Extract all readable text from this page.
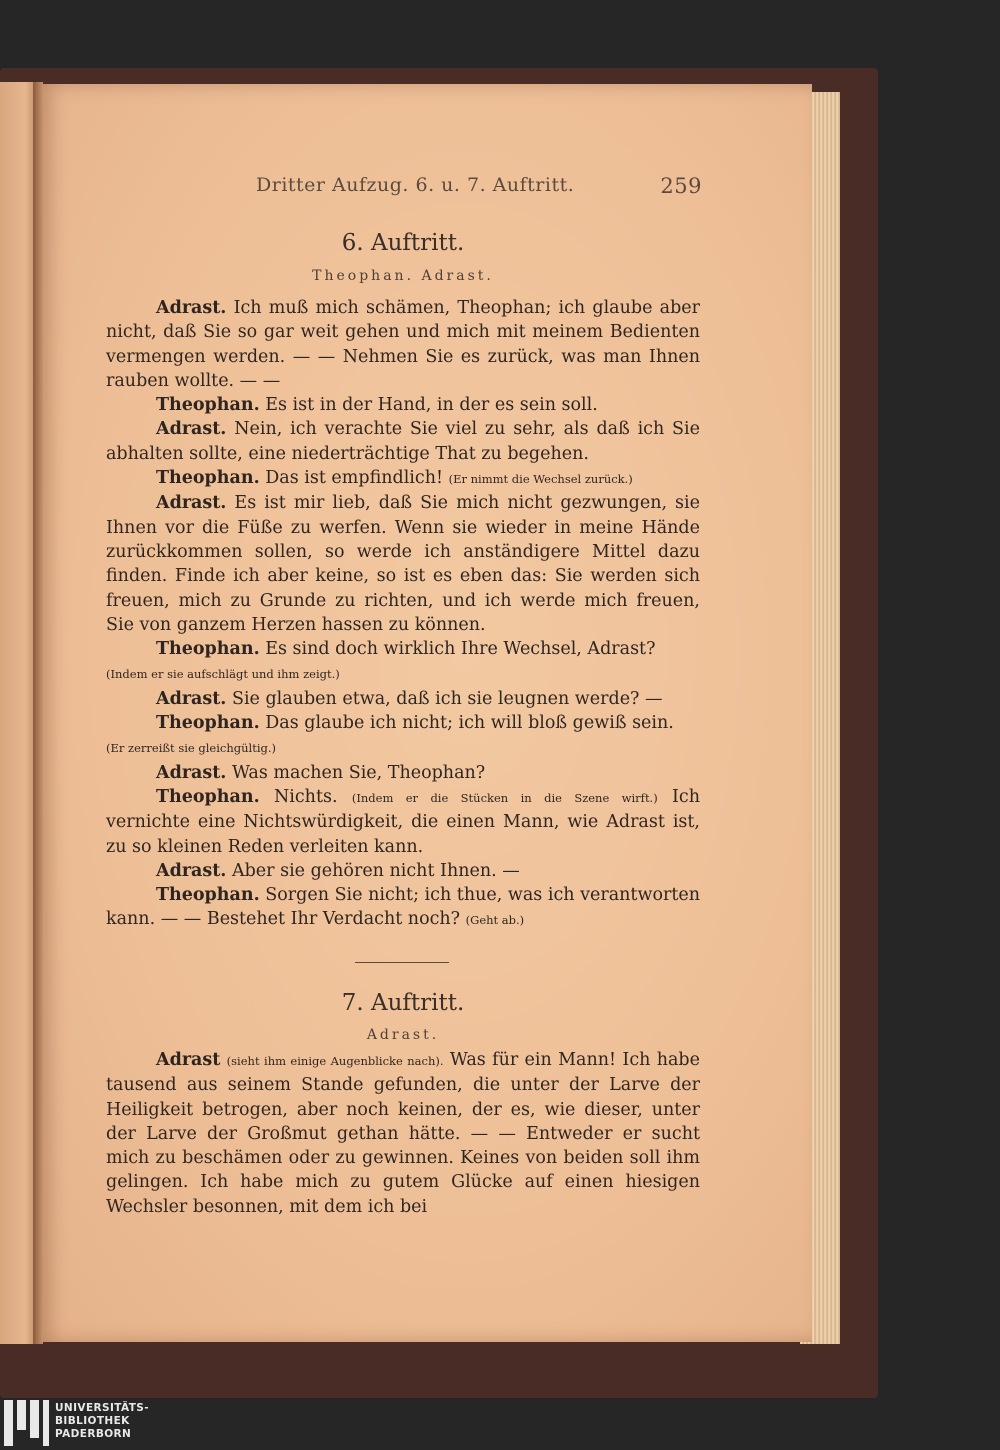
Dritter Aufzug. 6. u. 7. Auftritt.	259
6. Auftritt.
Theophan. Adrast.

Adrast. Ich muß mich schämen, Theophan; ich glaube aber nicht, daß Sie so gar weit gehen und mich mit meinem Bedienten vermengen werden. — — Nehmen Sie es zurück, was man Ihnen rauben wollte. — —

Theophan. Es ist in der Hand, in der es sein soll.

Adrast. Nein, ich verachte Sie viel zu sehr, als daß ich Sie abhalten sollte, eine niederträchtige That zu begehen.

Theophan. Das ist empfindlich! (Er nimmt die Wechsel zurück.)

Adrast. Es ist mir lieb, daß Sie mich nicht gezwungen, sie Ihnen vor die Füße zu werfen. Wenn sie wieder in meine Hände zurückkommen sollen, so werde ich anständigere Mittel dazu finden. Finde ich aber keine, so ist es eben das: Sie werden sich freuen, mich zu Grunde zu richten, und ich werde mich freuen, Sie von ganzem Herzen hassen zu können.

Theophan. Es sind doch wirklich Ihre Wechsel, Adrast?

(Indem er sie aufschlägt und ihm zeigt.)

Adrast. Sie glauben etwa, daß ich sie leugnen werde? —

Theophan. Das glaube ich nicht; ich will bloß gewiß sein.

(Er zerreißt sie gleichgültig.)

Adrast. Was machen Sie, Theophan?

Theophan. Nichts. (Indem er die Stücken in die Szene wirft.) Ich vernichte eine Nichtswürdigkeit, die einen Mann, wie Adrast ist, zu so kleinen Reden verleiten kann.

Adrast. Aber sie gehören nicht Ihnen. —

Theophan. Sorgen Sie nicht; ich thue, was ich verantworten kann. — — Bestehet Ihr Verdacht noch? (Geht ab.)

7. Auftritt.
Adrast.

Adrast (sieht ihm einige Augenblicke nach). Was für ein Mann! Ich habe tausend aus seinem Stande gefunden, die unter der Larve der Heiligkeit betrogen, aber noch keinen, der es, wie dieser, unter der Larve der Großmut gethan hätte. — — Entweder er sucht mich zu beschämen oder zu gewinnen. Keines von beiden soll ihm gelingen. Ich habe mich zu gutem Glücke auf einen hiesigen Wechsler besonnen, mit dem ich bei

UNIVERSITÄTS-
BIBLIOTHEK
PADERBORN
